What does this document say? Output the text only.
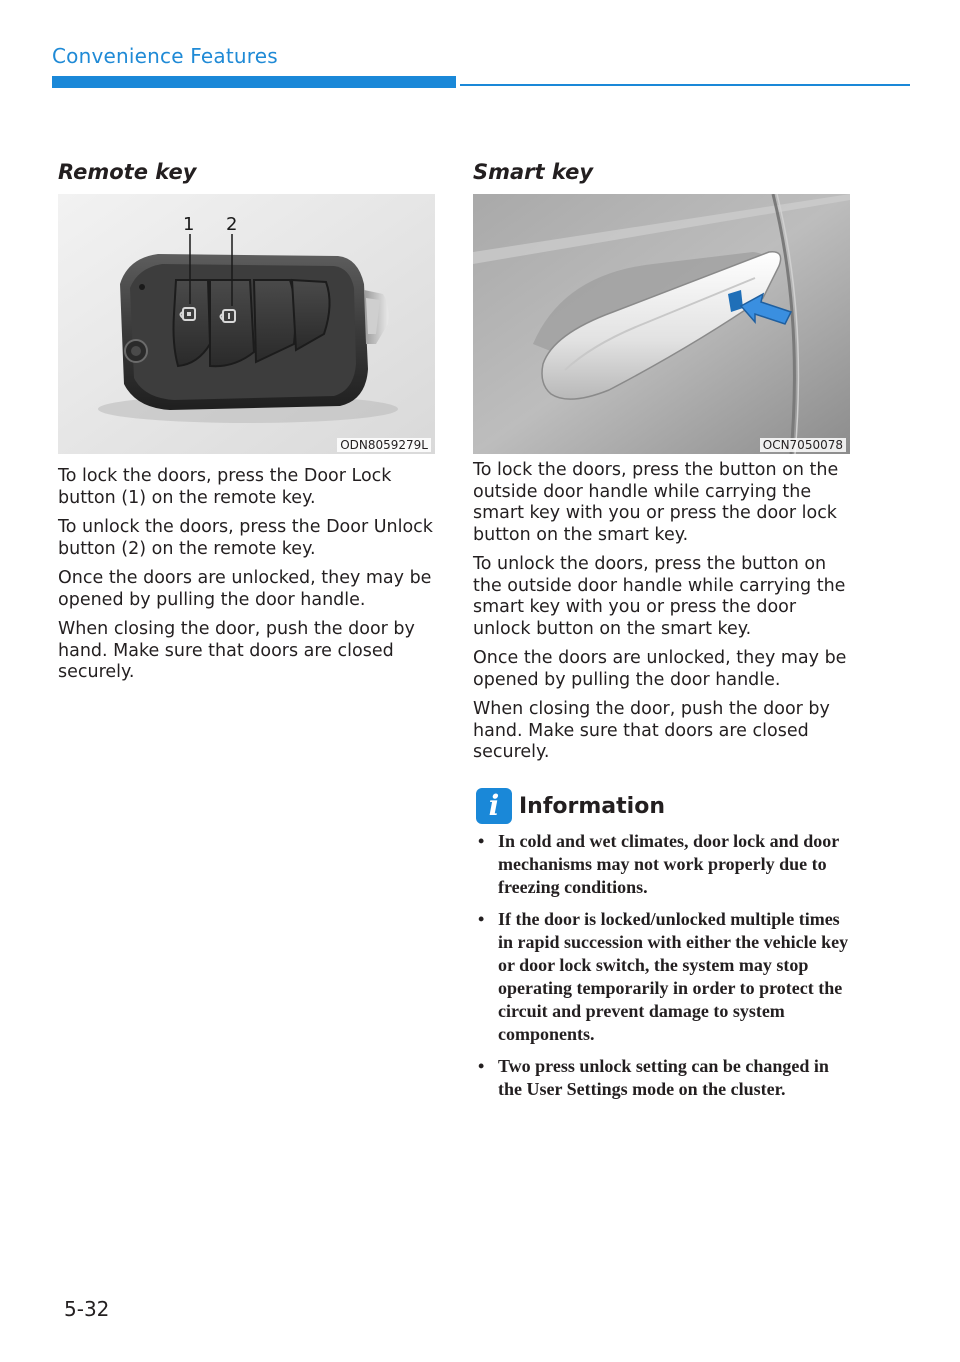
Convenience Features
Remote key
1 2
ODN8059279L

To lock the doors, press the Door Lock button (1) on the remote key.

To unlock the doors, press the Door Unlock button (2) on the remote key.

Once the doors are unlocked, they may be opened by pulling the door handle.

When closing the door, push the door by hand. Make sure that doors are closed securely.

Smart key
OCN7050078

To lock the doors, press the button on the outside door handle while carrying the smart key with you or press the door lock button on the smart key.

To unlock the doors, press the button on the outside door handle while carrying the smart key with you or press the door unlock button on the smart key.

Once the doors are unlocked, they may be opened by pulling the door handle.

When closing the door, push the door by hand. Make sure that doors are closed securely.

i Information
• In cold and wet climates, door lock and door mechanisms may not work properly due to freezing conditions.
• If the door is locked/unlocked multiple times in rapid succession with either the vehicle key or door lock switch, the system may stop operating temporarily in order to protect the circuit and prevent damage to system components.
• Two press unlock setting can be changed in the User Settings mode on the cluster.
5-32
